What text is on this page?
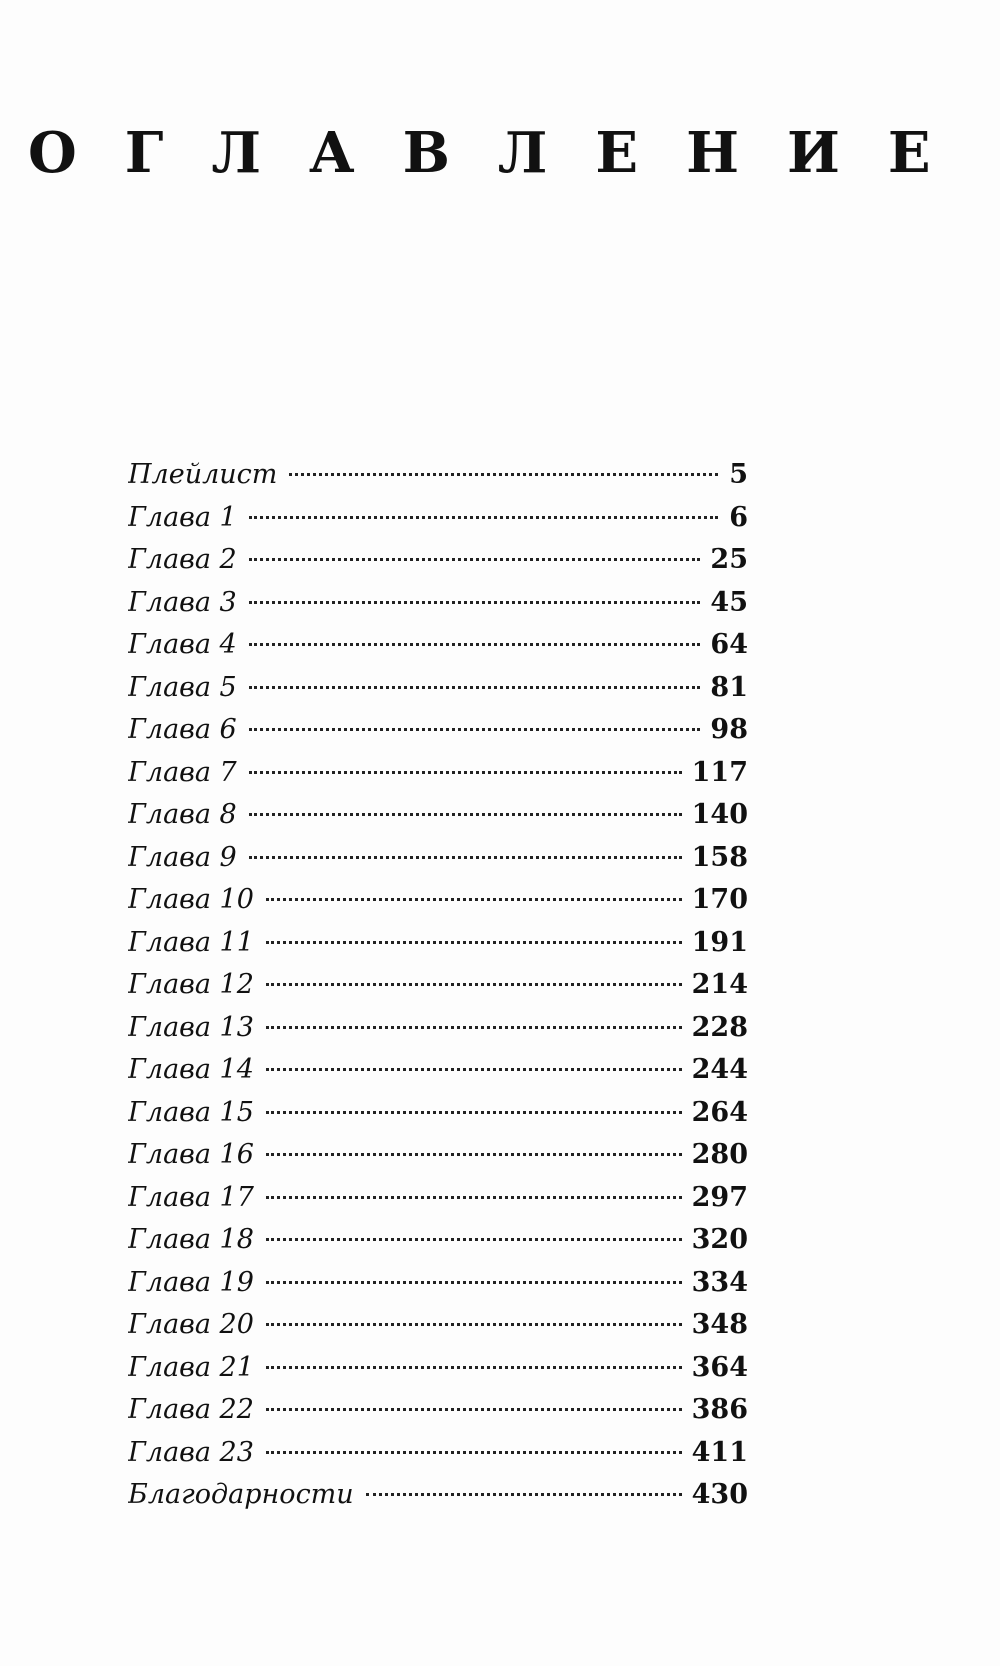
ОГЛАВЛЕНИЕ
Плейлист	5
Глава 1	6
Глава 2	25
Глава 3	45
Глава 4	64
Глава 5	81
Глава 6	98
Глава 7	117
Глава 8	140
Глава 9	158
Глава 10	170
Глава 11	191
Глава 12	214
Глава 13	228
Глава 14	244
Глава 15	264
Глава 16	280
Глава 17	297
Глава 18	320
Глава 19	334
Глава 20	348
Глава 21	364
Глава 22	386
Глава 23	411
Благодарности	430
